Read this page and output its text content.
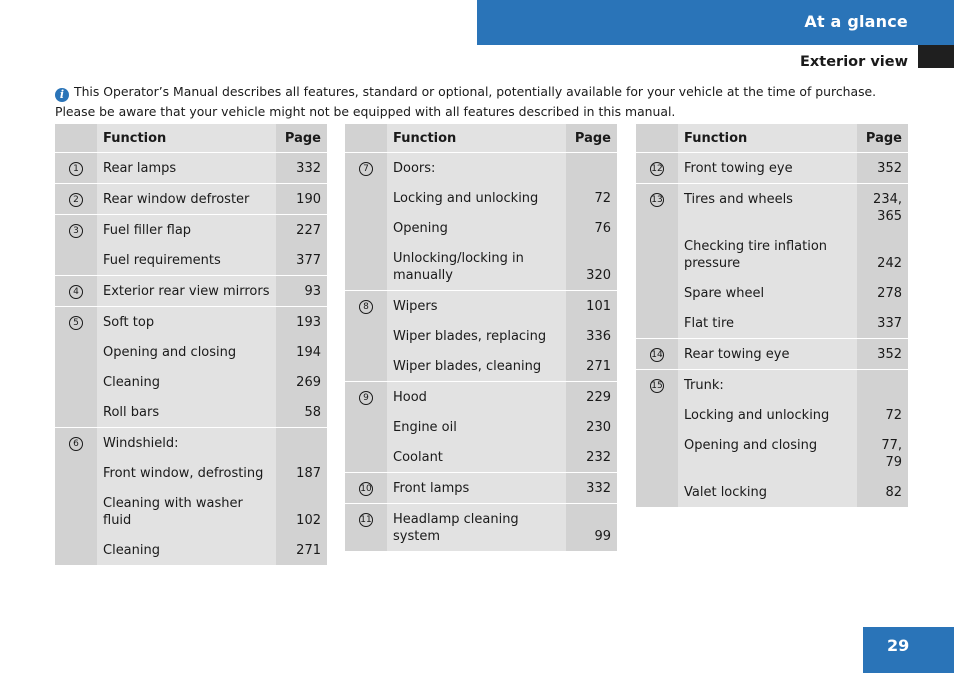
At a glance
Exterior view
i This Operator’s Manual describes all features, standard or optional, potentially available for your vehicle at the time of purchase. Please be aware that your vehicle might not be equipped with all features described in this manual.
	Function	Page
1	Rear lamps	332
2	Rear window defroster	190
3	Fuel filler flap	227
	Fuel requirements	377
4	Exterior rear view mirrors	93
5	Soft top	193
	Opening and closing	194
	Cleaning	269
	Roll bars	58
6	Windshield:	
	Front window, defrosting	187
	Cleaning with washer fluid	102
	Cleaning	271
	Function	Page
7	Doors:	
	Locking and unlocking	72
	Opening	76
	Unlocking/locking in manually	320
8	Wipers	101
	Wiper blades, replacing	336
	Wiper blades, cleaning	271
9	Hood	229
	Engine oil	230
	Coolant	232
10	Front lamps	332
11	Headlamp cleaning system	99
	Function	Page
12	Front towing eye	352
13	Tires and wheels	234, 365
	Checking tire inflation pressure	242
	Spare wheel	278
	Flat tire	337
14	Rear towing eye	352
15	Trunk:	
	Locking and unlocking	72
	Opening and closing	77, 79
	Valet locking	82
29
